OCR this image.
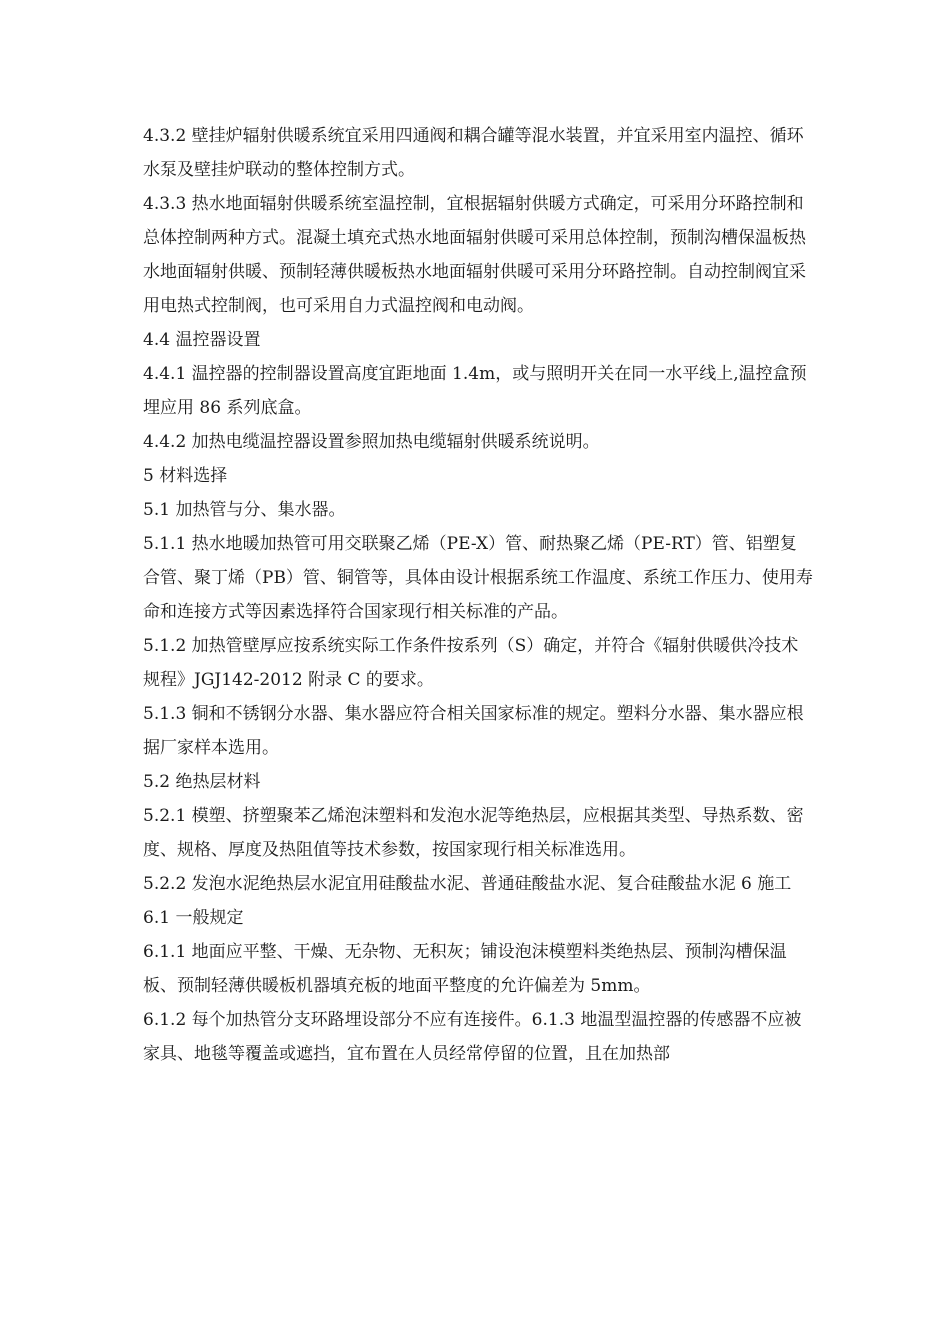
4.3.2 壁挂炉辐射供暖系统宜采用四通阀和耦合罐等混水装置，并宜采用室内温控、循环水泵及壁挂炉联动的整体控制方式。

4.3.3 热水地面辐射供暖系统室温控制，宜根据辐射供暖方式确定，可采用分环路控制和总体控制两种方式。混凝土填充式热水地面辐射供暖可采用总体控制，预制沟槽保温板热水地面辐射供暖、预制轻薄供暖板热水地面辐射供暖可采用分环路控制。自动控制阀宜采用电热式控制阀，也可采用自力式温控阀和电动阀。

4.4 温控器设置

4.4.1 温控器的控制器设置高度宜距地面 1.4m，或与照明开关在同一水平线上,温控盒预埋应用 86 系列底盒。

4.4.2 加热电缆温控器设置参照加热电缆辐射供暖系统说明。

5 材料选择

5.1 加热管与分、集水器。

5.1.1 热水地暖加热管可用交联聚乙烯（PE-X）管、耐热聚乙烯（PE-RT）管、铝塑复合管、聚丁烯（PB）管、铜管等，具体由设计根据系统工作温度、系统工作压力、使用寿命和连接方式等因素选择符合国家现行相关标准的产品。

5.1.2 加热管壁厚应按系统实际工作条件按系列（S）确定，并符合《辐射供暖供冷技术规程》JGJ142-2012 附录 C 的要求。

5.1.3 铜和不锈钢分水器、集水器应符合相关国家标准的规定。塑料分水器、集水器应根据厂家样本选用。

5.2 绝热层材料

5.2.1 模塑、挤塑聚苯乙烯泡沫塑料和发泡水泥等绝热层，应根据其类型、导热系数、密度、规格、厚度及热阻值等技术参数，按国家现行相关标准选用。

5.2.2 发泡水泥绝热层水泥宜用硅酸盐水泥、普通硅酸盐水泥、复合硅酸盐水泥 6 施工

6.1 一般规定

6.1.1 地面应平整、干燥、无杂物、无积灰；铺设泡沫模塑料类绝热层、预制沟槽保温板、预制轻薄供暖板机器填充板的地面平整度的允许偏差为 5mm。

6.1.2 每个加热管分支环路埋设部分不应有连接件。6.1.3 地温型温控器的传感器不应被家具、地毯等覆盖或遮挡，宜布置在人员经常停留的位置，且在加热部
